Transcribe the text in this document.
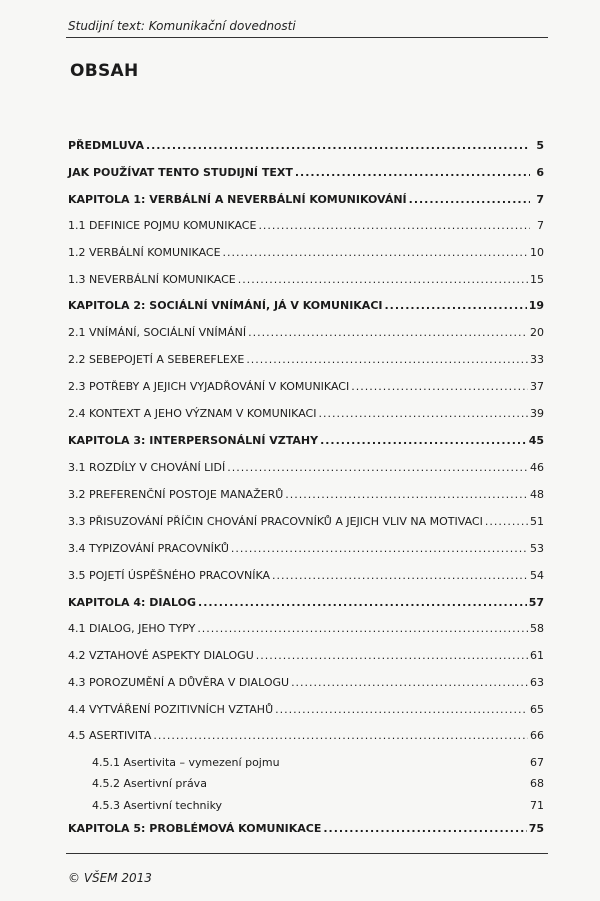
Studijní text: Komunikační dovednosti
OBSAH
PŘEDMLUVA .....	5
JAK POUŽÍVAT TENTO STUDIJNÍ TEXT .....	6
KAPITOLA 1: VERBÁLNÍ A NEVERBÁLNÍ KOMUNIKOVÁNÍ .....	7
1.1 DEFINICE POJMU KOMUNIKACE .....	7
1.2 VERBÁLNÍ KOMUNIKACE .....	10
1.3 NEVERBÁLNÍ KOMUNIKACE .....	15
KAPITOLA 2: SOCIÁLNÍ VNÍMÁNÍ, JÁ V KOMUNIKACI .....	19
2.1 VNÍMÁNÍ, SOCIÁLNÍ VNÍMÁNÍ .....	20
2.2 SEBEPOJETÍ A SEBEREFLEXE .....	33
2.3 POTŘEBY A JEJICH VYJADŘOVÁNÍ V KOMUNIKACI .....	37
2.4 KONTEXT A JEHO VÝZNAM V KOMUNIKACI .....	39
KAPITOLA 3: INTERPERSONÁLNÍ VZTAHY .....	45
3.1 ROZDÍLY V CHOVÁNÍ LIDÍ .....	46
3.2 PREFERENČNÍ POSTOJE MANAŽERŮ .....	48
3.3 PŘISUZOVÁNÍ PŘÍČIN CHOVÁNÍ PRACOVNÍKŮ A JEJICH VLIV NA MOTIVACI .....	51
3.4 TYPIZOVÁNÍ PRACOVNÍKŮ .....	53
3.5 POJETÍ ÚSPĚŠNÉHO PRACOVNÍKA .....	54
KAPITOLA 4: DIALOG .....	57
4.1 DIALOG, JEHO TYPY .....	58
4.2 VZTAHOVÉ ASPEKTY DIALOGU .....	61
4.3 POROZUMĚNÍ A DŮVĚRA V DIALOGU .....	63
4.4 VYTVÁŘENÍ POZITIVNÍCH VZTAHŮ .....	65
4.5 ASERTIVITA .....	66
4.5.1 Asertivita – vymezení pojmu	67
4.5.2 Asertivní práva	68
4.5.3 Asertivní techniky	71
KAPITOLA 5: PROBLÉMOVÁ KOMUNIKACE .....	75
© VŠEM 2013
